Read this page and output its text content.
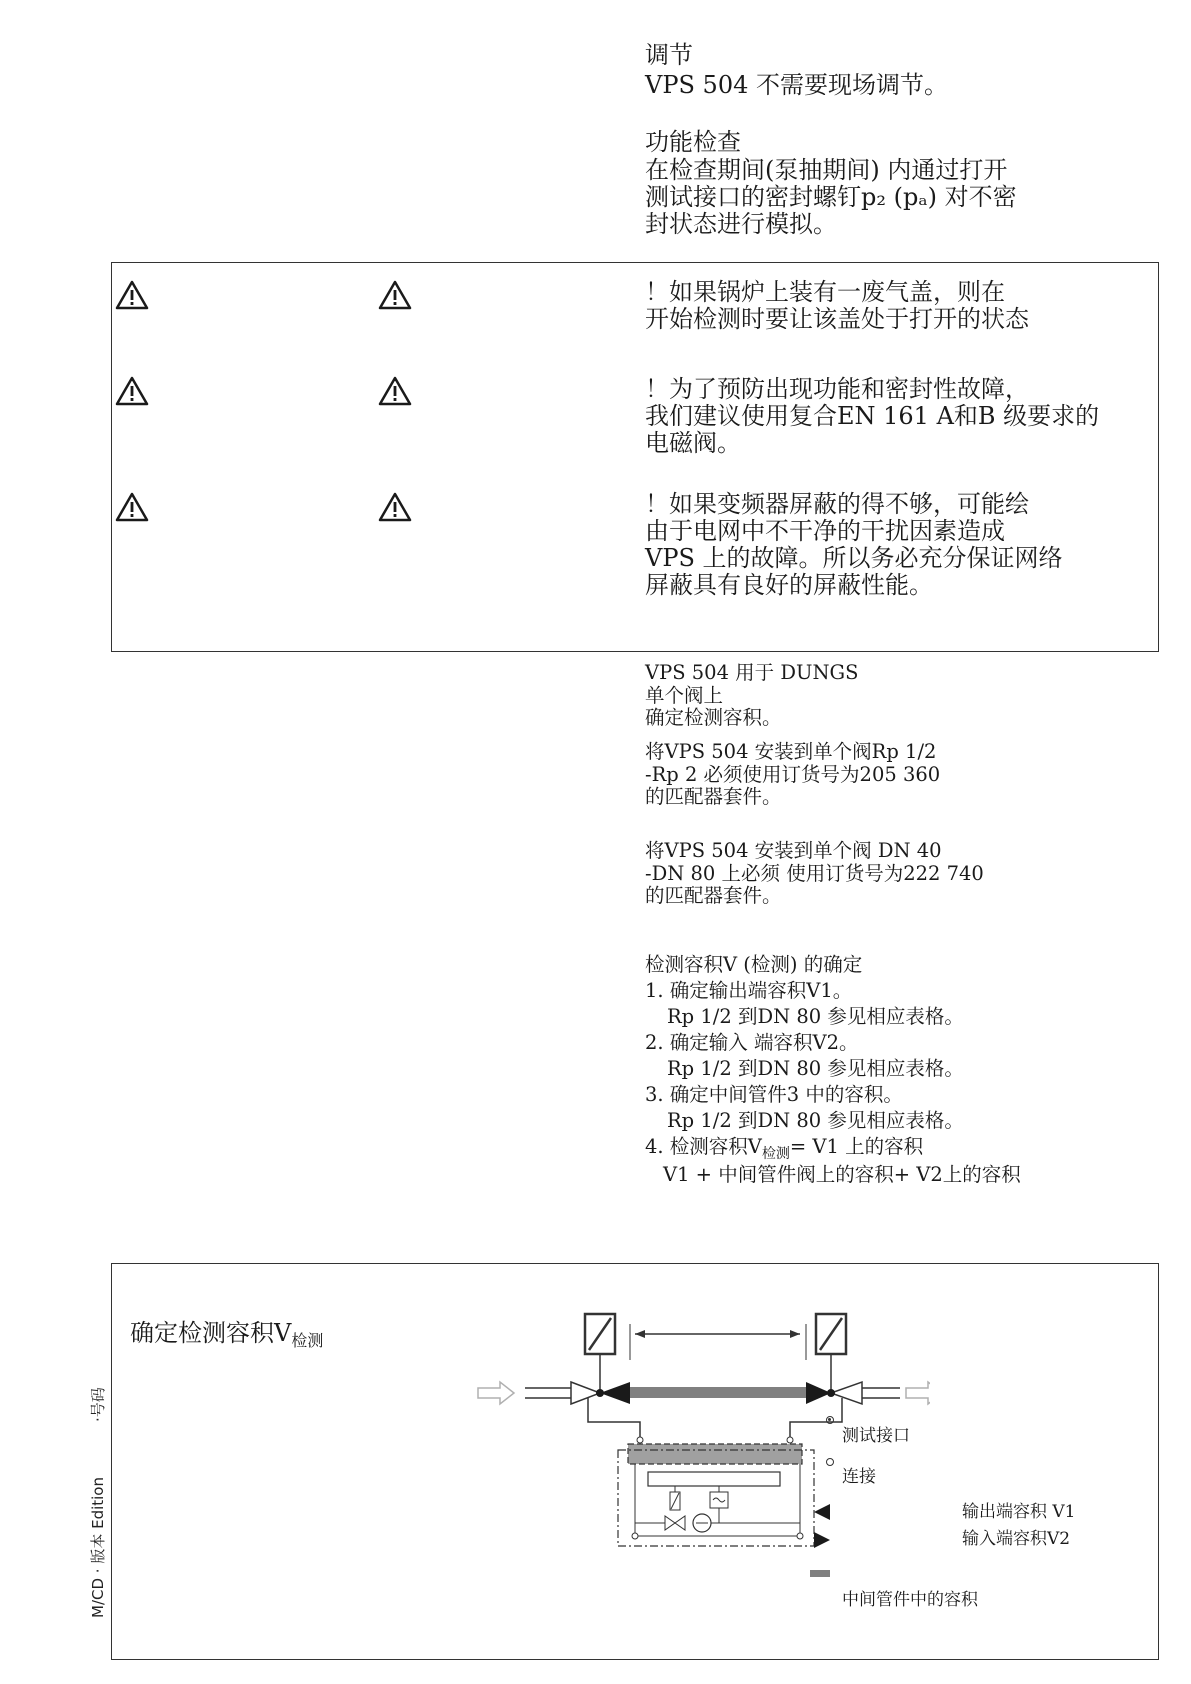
调节
VPS 504 不需要现场调节。
功能检查
在检查期间(泵抽期间) 内通过打开
测试接口的密封螺钉p₂ (pₐ) 对不密
封状态进行模拟。
！如果锅炉上装有一废气盖，则在
开始检测时要让该盖处于打开的状态
！为了预防出现功能和密封性故障，
我们建议使用复合EN 161 A和B 级要求的
电磁阀。
！如果变频器屏蔽的得不够，可能绘
由于电网中不干净的干扰因素造成
VPS 上的故障。所以务必充分保证网络
屏蔽具有良好的屏蔽性能。
VPS 504 用于 DUNGS
单个阀上
确定检测容积。
将VPS 504 安装到单个阀Rp 1/2
-Rp 2 必须使用订货号为205 360
的匹配器套件。
将VPS 504 安装到单个阀 DN 40
-DN 80 上必须 使用订货号为222 740
的匹配器套件。
检测容积V (检测) 的确定
1. 确定输出端容积V1。
Rp 1/2 到DN 80 参见相应表格。
2. 确定输入 端容积V2。
Rp 1/2 到DN 80 参见相应表格。
3. 确定中间管件3 中的容积。
Rp 1/2 到DN 80 参见相应表格。
4. 检测容积$V_{检测}= V1$ 上的容积
V1 + 中间管件阀上的容积+ V2上的容积
确定检测容积$V_{检测}$
测试接口
连接
输出端容积 V1
输入端容积V2
中间管件中的容积
·号码
M/CD · 版本 Edition
